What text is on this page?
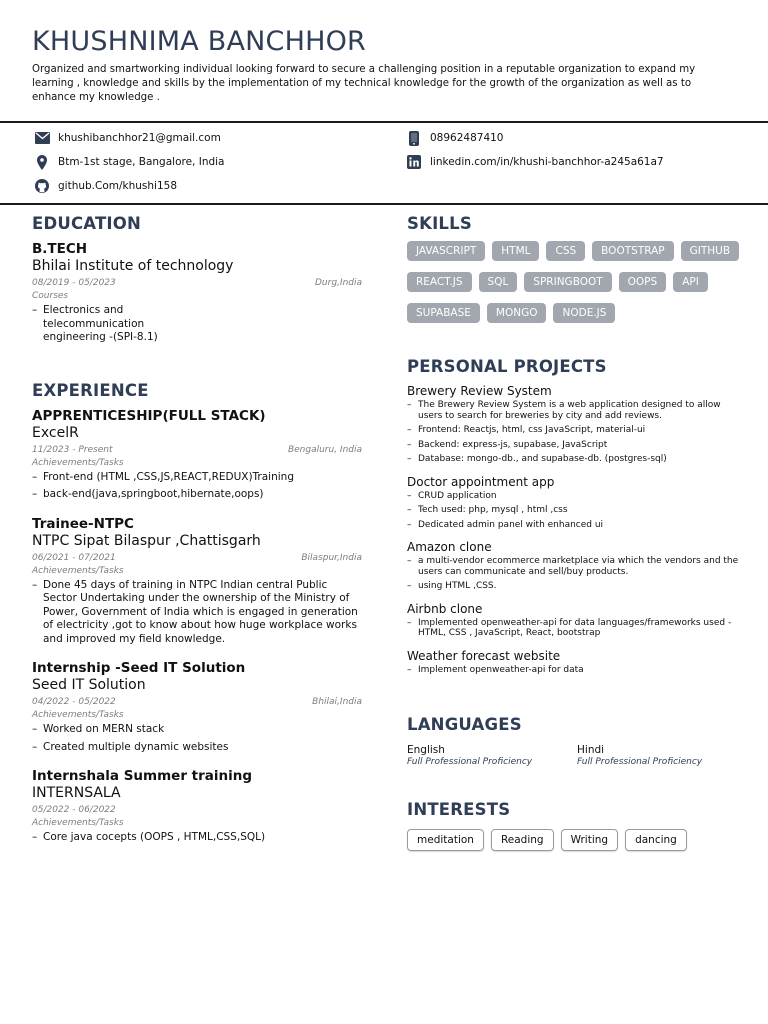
KHUSHNIMA BANCHHOR
Organized and smartworking individual looking forward to secure a challenging position in a reputable organization to expand my learning , knowledge and skills by the implementation of my technical knowledge for the growth of the organization as well as to enhance my knowledge .
khushibanchhor21@gmail.com	08962487410
Btm-1st stage, Bangalore, India	linkedin.com/in/khushi-banchhor-a245a61a7
github.Com/khushi158
EDUCATION
B.TECH
Bhilai Institute of technology
08/2019 - 05/2023	Durg,India
Courses
– Electronics and telecommunication engineering -(SPI-8.1)
EXPERIENCE
APPRENTICESHIP(FULL STACK)
ExcelR
11/2023 - Present	Bengaluru, India
Achievements/Tasks
– Front-end (HTML ,CSS,JS,REACT,REDUX)Training
– back-end(java,springboot,hibernate,oops)
Trainee-NTPC
NTPC Sipat Bilaspur ,Chattisgarh
06/2021 - 07/2021	Bilaspur,India
Achievements/Tasks
– Done 45 days of training in NTPC Indian central Public Sector Undertaking under the ownership of the Ministry of Power, Government of India which is engaged in generation of electricity ,got to know about how huge workplace works and improved my field knowledge.
Internship -Seed IT Solution
Seed IT Solution
04/2022 - 05/2022	Bhilai,India
Achievements/Tasks
– Worked on MERN stack
– Created multiple dynamic websites
Internshala Summer training
INTERNSALA
05/2022 - 06/2022
Achievements/Tasks
– Core java cocepts (OOPS , HTML,CSS,SQL)
SKILLS
JAVASCRIPT	HTML	CSS	BOOTSTRAP	GITHUB
REACT.JS	SQL	SPRINGBOOT	OOPS	API
SUPABASE	MONGO	NODE.JS
PERSONAL PROJECTS
Brewery Review System
– The Brewery Review System is a web application designed to allow users to search for breweries by city and add reviews.
– Frontend: Reactjs, html, css JavaScript, material-ui
– Backend: express-js, supabase, JavaScript
– Database: mongo-db., and supabase-db. (postgres-sql)
Doctor appointment app
– CRUD application
– Tech used: php, mysql , html ,css
– Dedicated admin panel with enhanced ui
Amazon clone
– a multi-vendor ecommerce marketplace via which the vendors and the users can communicate and sell/buy products.
– using HTML ,CSS.
Airbnb clone
– Implemented openweather-api for data languages/frameworks used - HTML, CSS , JavaScript, React, bootstrap
Weather forecast website
– Implement openweather-api for data
LANGUAGES
English
Full Professional Proficiency
Hindi
Full Professional Proficiency
INTERESTS
meditation	Reading	Writing	dancing
